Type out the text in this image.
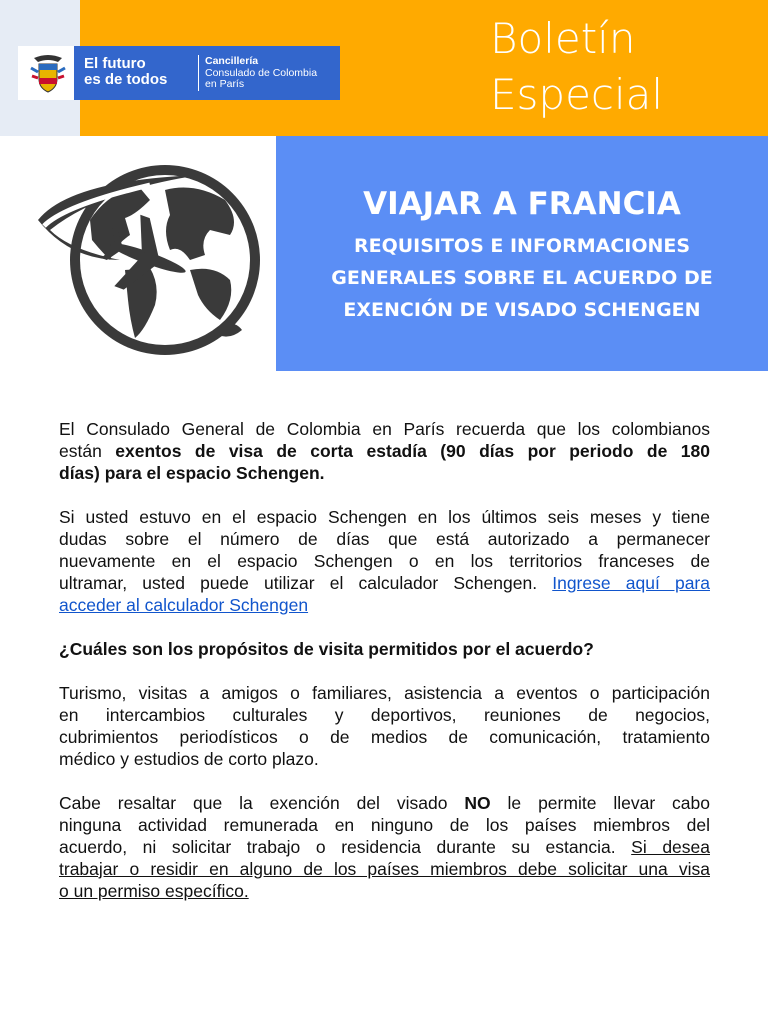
El futuro
es de todos
Cancillería
Consulado de Colombia
en París
Boletín
Especial
VIAJAR A FRANCIA
REQUISITOS E INFORMACIONES
GENERALES SOBRE EL ACUERDO DE
EXENCIÓN DE VISADO SCHENGEN
El Consulado General de Colombia en París recuerda que los colombianos
están exentos de visa de corta estadía (90 días por periodo de 180
días) para el espacio Schengen.
Si usted estuvo en el espacio Schengen en los últimos seis meses y tiene
dudas sobre el número de días que está autorizado a permanecer
nuevamente en el espacio Schengen o en los territorios franceses de
ultramar, usted puede utilizar el calculador Schengen. Ingrese aquí para
acceder al calculador Schengen
¿Cuáles son los propósitos de visita permitidos por el acuerdo?
Turismo, visitas a amigos o familiares, asistencia a eventos o participación
en intercambios culturales y deportivos, reuniones de negocios,
cubrimientos periodísticos o de medios de comunicación, tratamiento
médico y estudios de corto plazo.
Cabe resaltar que la exención del visado NO le permite llevar cabo
ninguna actividad remunerada en ninguno de los países miembros del
acuerdo, ni solicitar trabajo o residencia durante su estancia. Si desea
trabajar o residir en alguno de los países miembros debe solicitar una visa
o un permiso específico.
